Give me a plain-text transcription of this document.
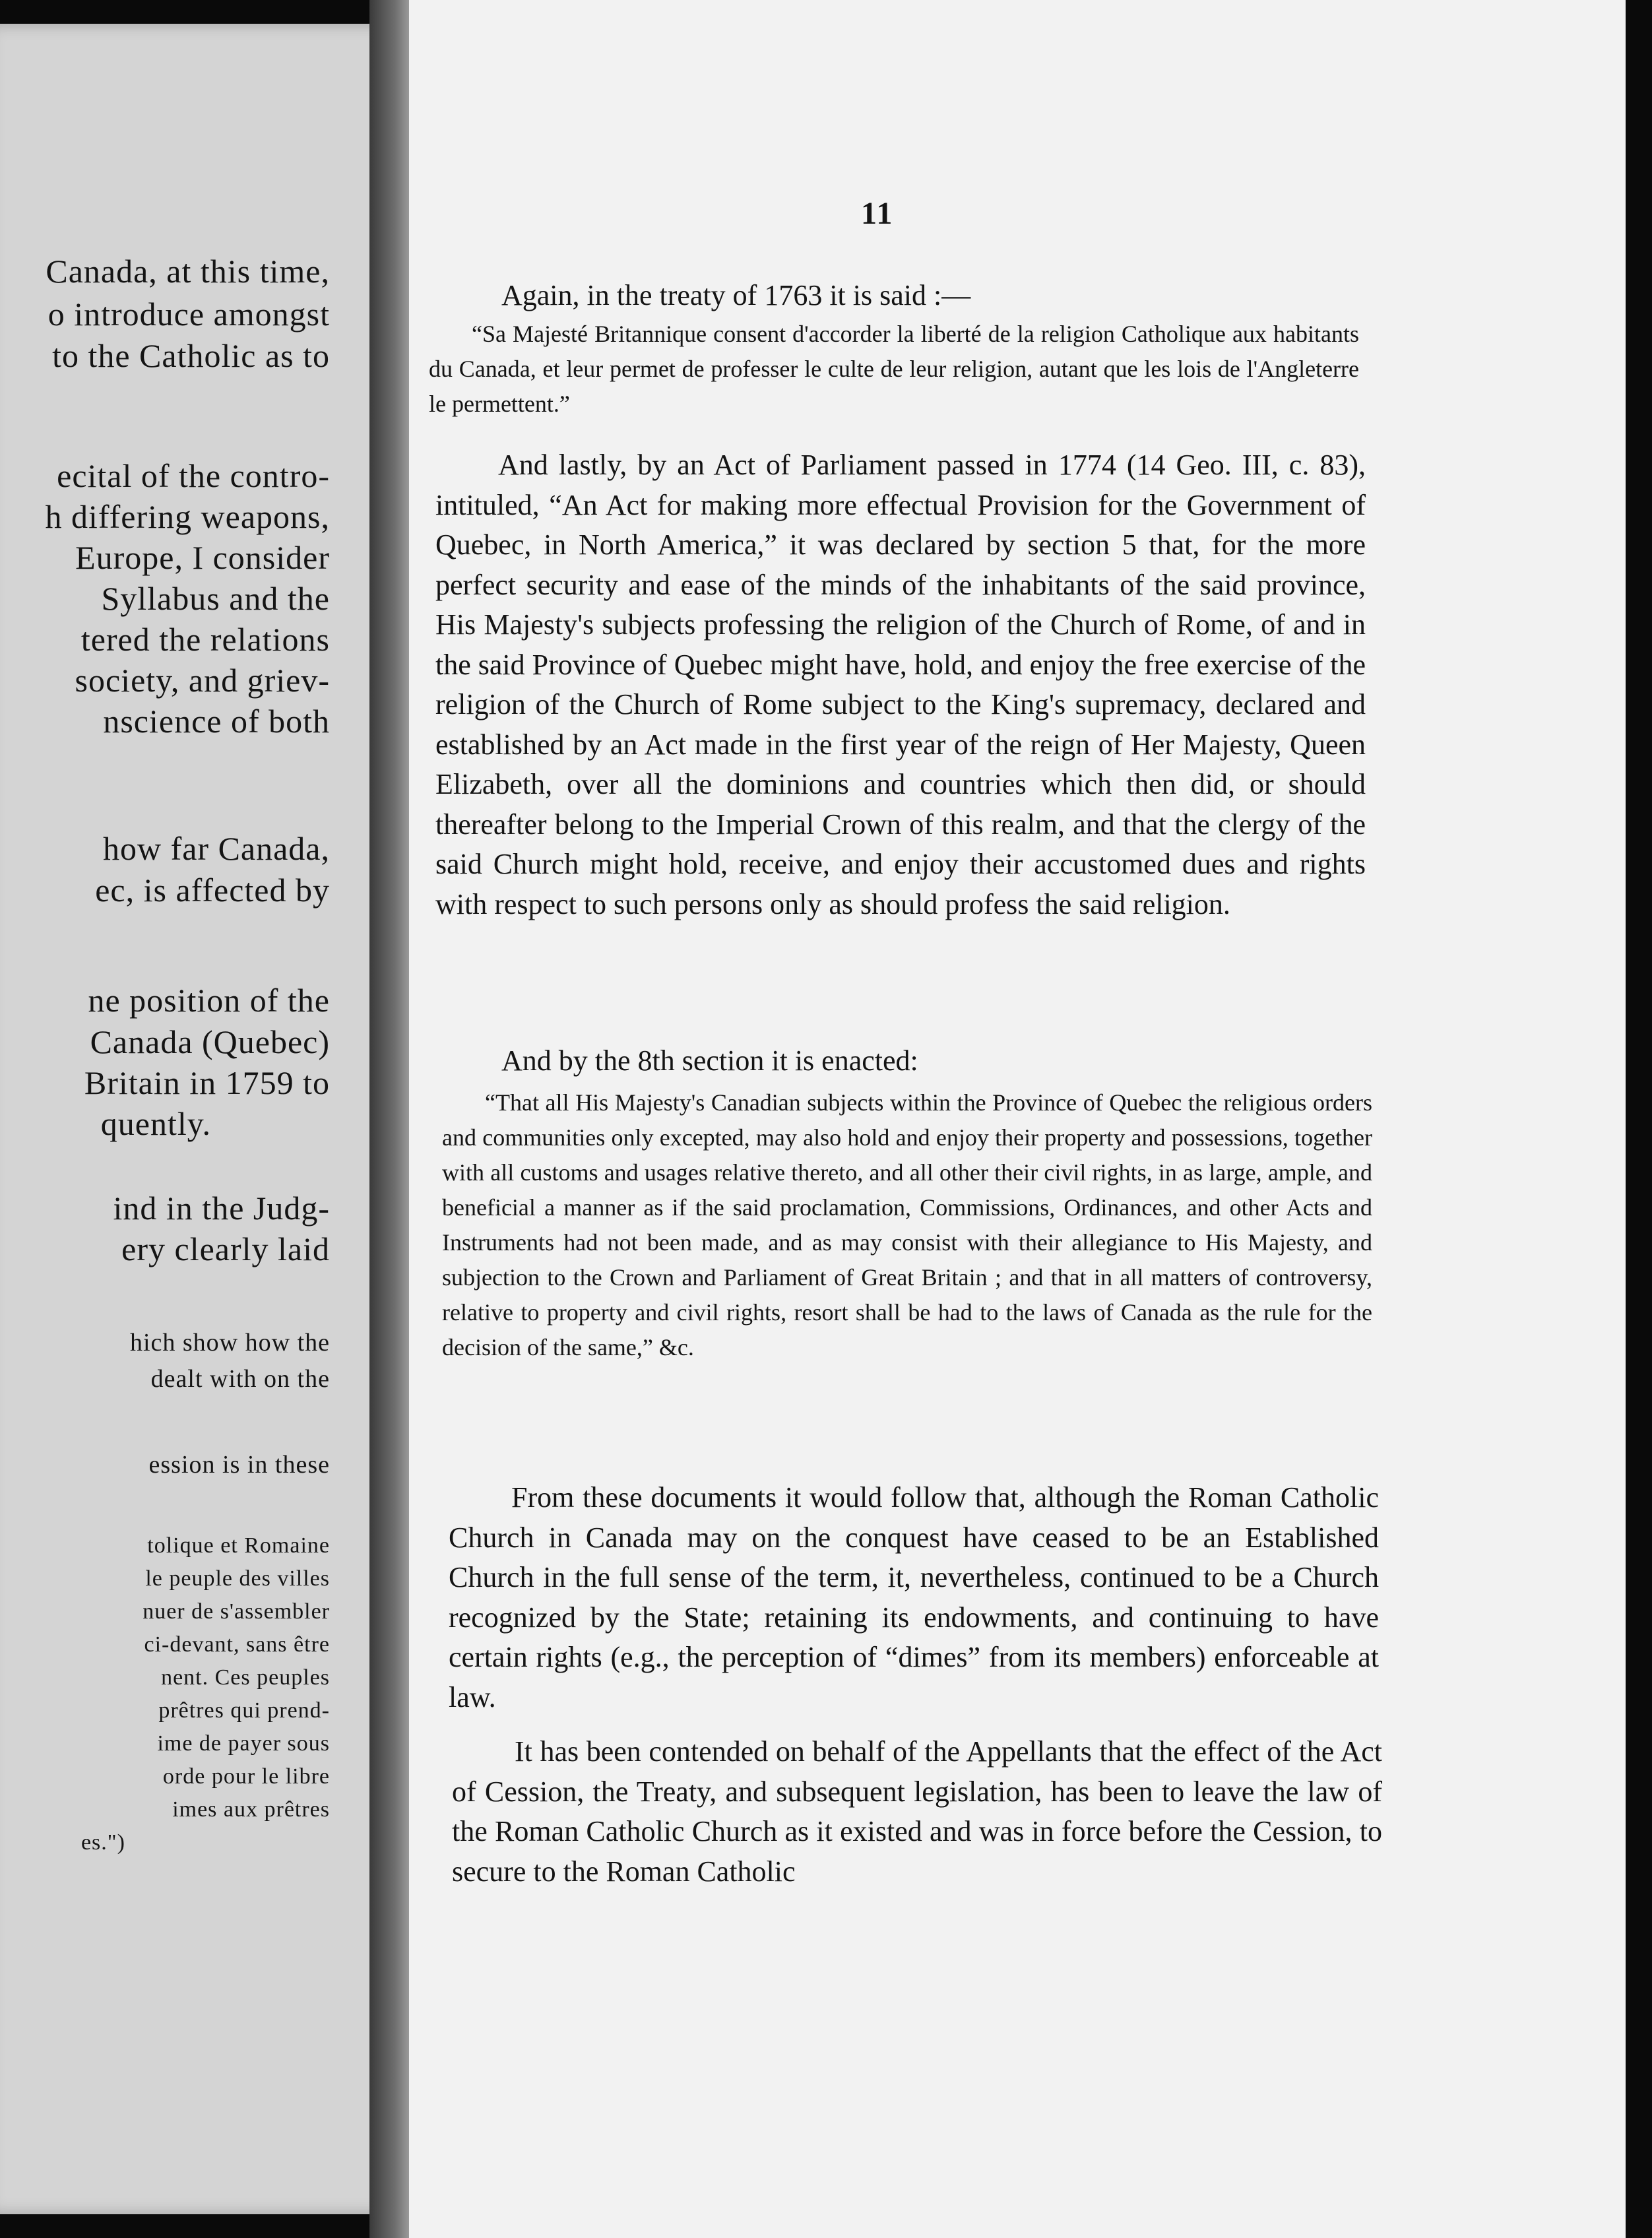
Canada, at this time,
o introduce amongst
to the Catholic as to
ecital of the contro-
h differing weapons,
Europe, I consider
Syllabus and the
tered the relations
society, and griev-
nscience of both
how far Canada,
ec, is affected by
ne position of the
Canada (Quebec)
Britain in 1759 to
quently.
ind in the Judg-
ery clearly laid
hich show how the
dealt with on the
ession is in these
tolique et Romaine
le peuple des villes
nuer de s'assembler
ci-devant, sans être
nent. Ces peuples
prêtres qui prend-
ime de payer sous
orde pour le libre
imes aux prêtres
es.")
11
Again, in the treaty of 1763 it is said :—
“Sa Majesté Britannique consent d'accorder la liberté de la religion Catholique aux habitants du Canada, et leur permet de professer le culte de leur religion, autant que les lois de l'Angleterre le permettent.”
And lastly, by an Act of Parliament passed in 1774 (14 Geo. III, c. 83), intituled, “An Act for making more effectual Provision for the Government of Quebec, in North America,” it was declared by section 5 that, for the more perfect security and ease of the minds of the inhabitants of the said province, His Majesty's subjects professing the religion of the Church of Rome, of and in the said Province of Quebec might have, hold, and enjoy the free exercise of the religion of the Church of Rome subject to the King's supremacy, declared and established by an Act made in the first year of the reign of Her Majesty, Queen Elizabeth, over all the dominions and countries which then did, or should thereafter belong to the Imperial Crown of this realm, and that the clergy of the said Church might hold, receive, and enjoy their accustomed dues and rights with respect to such persons only as should profess the said religion.
And by the 8th section it is enacted:
“That all His Majesty's Canadian subjects within the Province of Quebec the religious orders and communities only excepted, may also hold and enjoy their property and possessions, together with all customs and usages relative thereto, and all other their civil rights, in as large, ample, and beneficial a manner as if the said proclamation, Commissions, Ordinances, and other Acts and Instruments had not been made, and as may consist with their allegiance to His Majesty, and subjection to the Crown and Parliament of Great Britain ; and that in all matters of controversy, relative to property and civil rights, resort shall be had to the laws of Canada as the rule for the decision of the same,” &c.
From these documents it would follow that, although the Roman Catholic Church in Canada may on the conquest have ceased to be an Established Church in the full sense of the term, it, nevertheless, continued to be a Church recognized by the State; retaining its endowments, and continuing to have certain rights (e.g., the perception of “dimes” from its members) enforceable at law.
It has been contended on behalf of the Appellants that the effect of the Act of Cession, the Treaty, and subsequent legislation, has been to leave the law of the Roman Catholic Church as it existed and was in force before the Cession, to secure to the Roman Catholic
